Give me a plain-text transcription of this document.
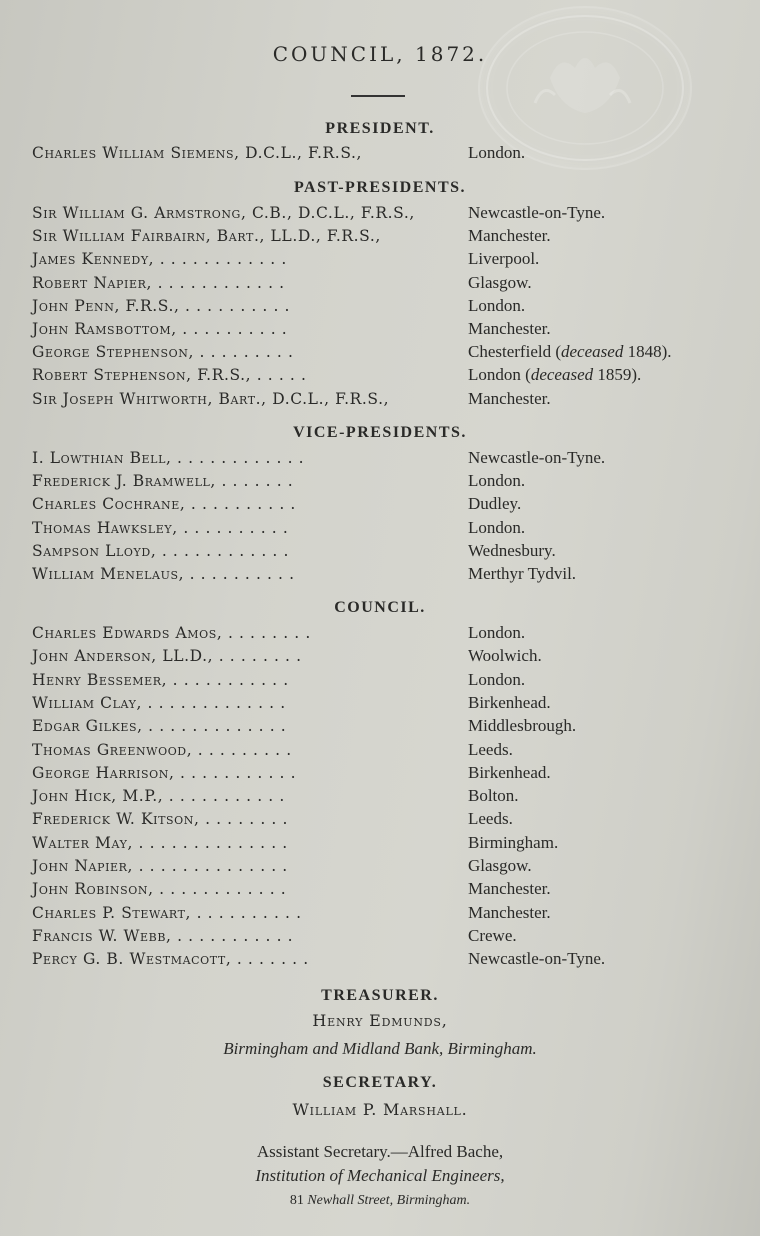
COUNCIL, 1872.
PRESIDENT.
Charles William Siemens, D.C.L., F.R.S.,	London.
PAST-PRESIDENTS.
Sir William G. Armstrong, C.B., D.C.L., F.R.S.,	Newcastle-on-Tyne.
Sir William Fairbairn, Bart., LL.D., F.R.S.,	Manchester.
James Kennedy, . . . . . . . . . . . .	Liverpool.
Robert Napier, . . . . . . . . . . . .	Glasgow.
John Penn, F.R.S., . . . . . . . . . .	London.
John Ramsbottom, . . . . . . . . . .	Manchester.
George Stephenson, . . . . . . . . .	Chesterfield (deceased 1848).
Robert Stephenson, F.R.S., . . . . .	London (deceased 1859).
Sir Joseph Whitworth, Bart., D.C.L., F.R.S.,	Manchester.
VICE-PRESIDENTS.
I. Lowthian Bell, . . . . . . . . . . . .	Newcastle-on-Tyne.
Frederick J. Bramwell, . . . . . . .	London.
Charles Cochrane, . . . . . . . . . .	Dudley.
Thomas Hawksley, . . . . . . . . . .	London.
Sampson Lloyd, . . . . . . . . . . . .	Wednesbury.
William Menelaus, . . . . . . . . . .	Merthyr Tydvil.
COUNCIL.
Charles Edwards Amos, . . . . . . . .	London.
John Anderson, LL.D., . . . . . . . .	Woolwich.
Henry Bessemer, . . . . . . . . . . .	London.
William Clay, . . . . . . . . . . . . .	Birkenhead.
Edgar Gilkes, . . . . . . . . . . . . .	Middlesbrough.
Thomas Greenwood, . . . . . . . . .	Leeds.
George Harrison, . . . . . . . . . . .	Birkenhead.
John Hick, M.P., . . . . . . . . . . .	Bolton.
Frederick W. Kitson, . . . . . . . .	Leeds.
Walter May, . . . . . . . . . . . . . .	Birmingham.
John Napier, . . . . . . . . . . . . . .	Glasgow.
John Robinson, . . . . . . . . . . . .	Manchester.
Charles P. Stewart, . . . . . . . . . .	Manchester.
Francis W. Webb, . . . . . . . . . . .	Crewe.
Percy G. B. Westmacott, . . . . . . .	Newcastle-on-Tyne.
TREASURER.
Henry Edmunds,
Birmingham and Midland Bank, Birmingham.
SECRETARY.
William P. Marshall.
Assistant Secretary.—Alfred Bache,
Institution of Mechanical Engineers,
81 Newhall Street, Birmingham.
